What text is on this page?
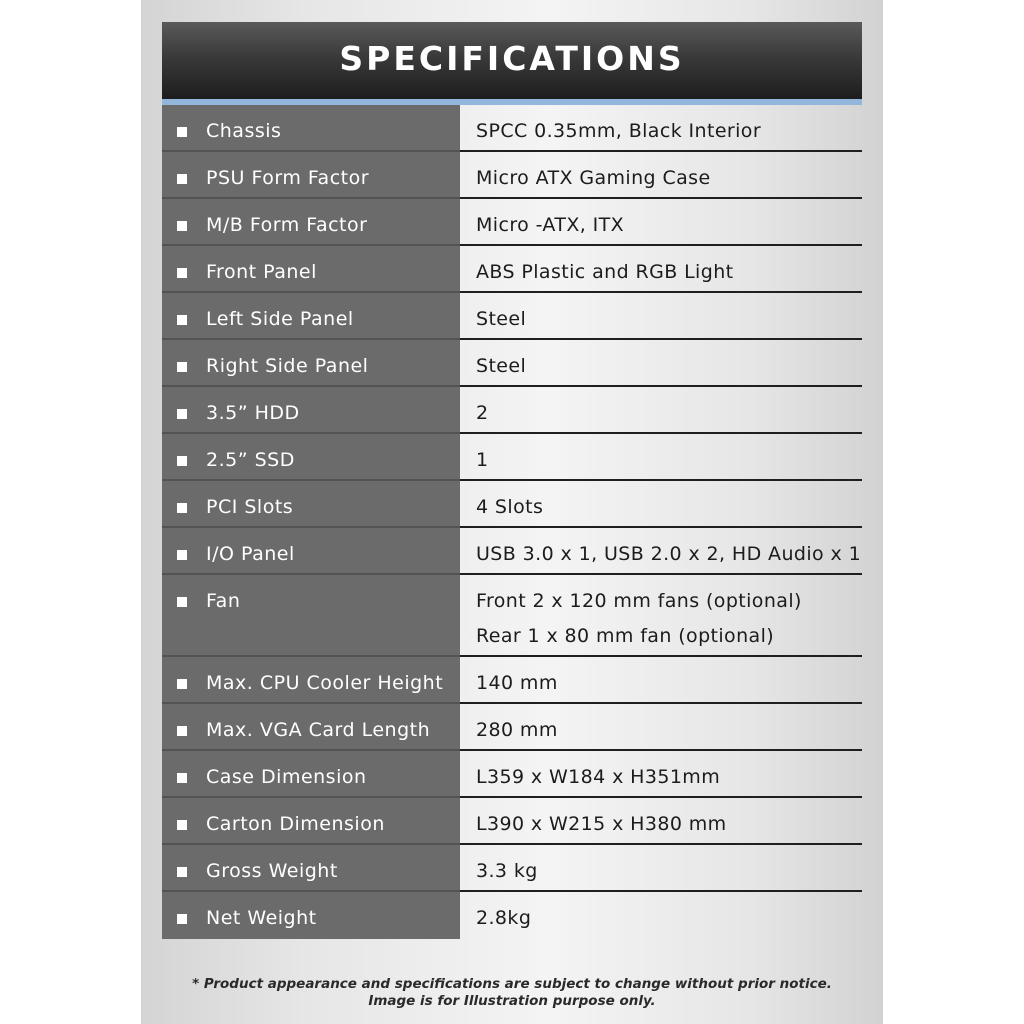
SPECIFICATIONS
Chassis	SPCC 0.35mm, Black Interior
PSU Form Factor	Micro ATX Gaming Case
M/B Form Factor	Micro -ATX, ITX
Front Panel	ABS Plastic and RGB Light
Left Side Panel	Steel
Right Side Panel	Steel
3.5” HDD	2
2.5” SSD	1
PCI Slots	4 Slots
I/O Panel	USB 3.0 x 1, USB 2.0 x 2, HD Audio x 1
Fan	Front 2 x 120 mm fans (optional)
Rear 1 x 80 mm fan (optional)
Max. CPU Cooler Height 140 mm
Max. VGA Card Length 280 mm
Case Dimension	L359 x W184 x H351mm
Carton Dimension	L390 x W215 x H380 mm
Gross Weight	3.3 kg
Net Weight	2.8kg
* Product appearance and specifications are subject to change without prior notice.
Image is for Illustration purpose only.
